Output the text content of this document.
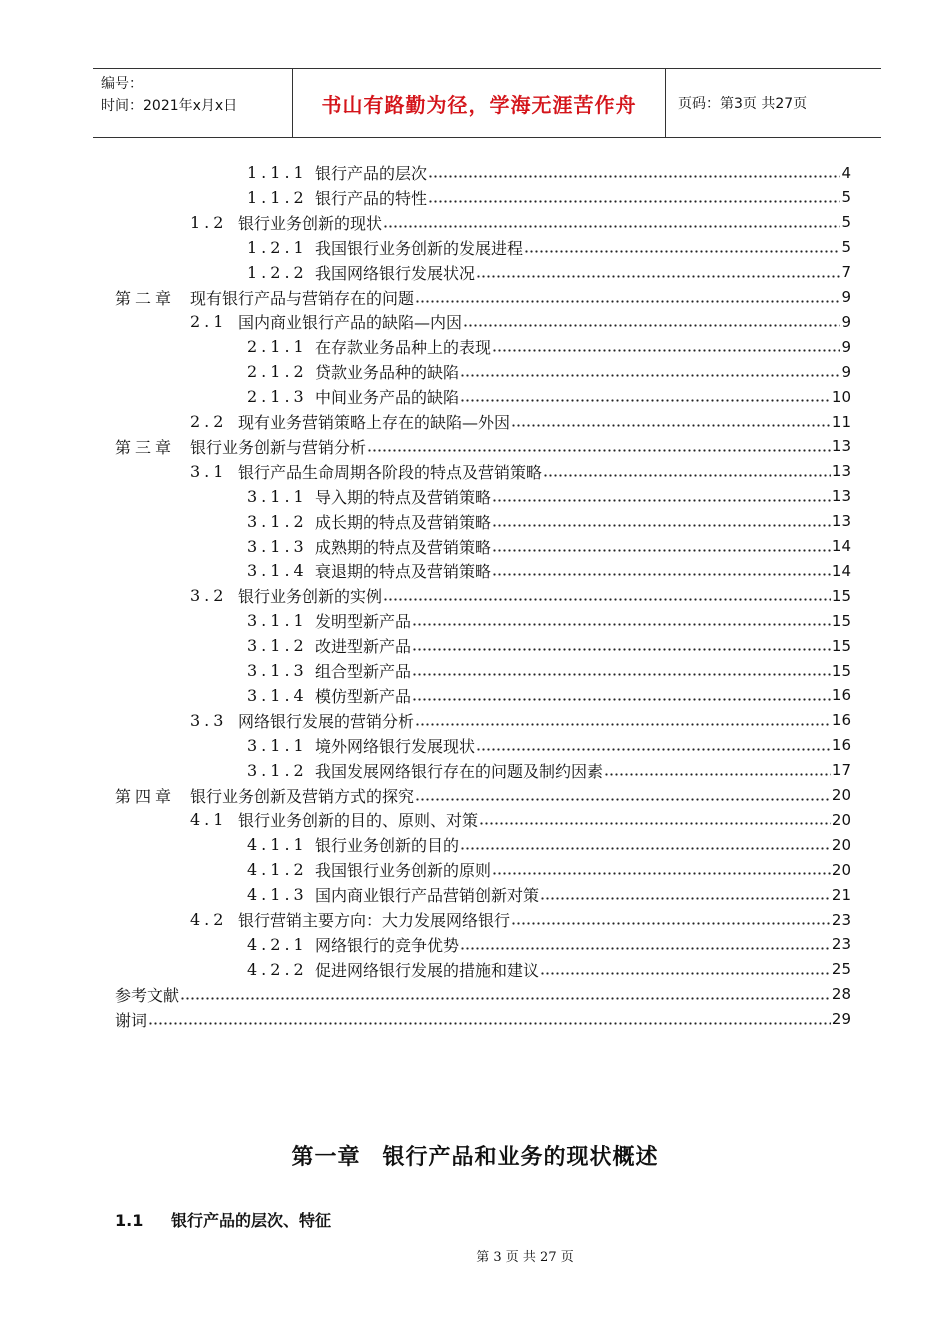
编号：
时间：2021年x月x日	书山有路勤为径，学海无涯苦作舟	页码：第3页 共27页
1.1.1 银行产品的层次	4
1.1.2 银行产品的特性	5
1.2 银行业务创新的现状	5
1.2.1 我国银行业务创新的发展进程	5
1.2.2 我国网络银行发展状况	7
第二章 现有银行产品与营销存在的问题	9
2.1 国内商业银行产品的缺陷—内因	9
2.1.1 在存款业务品种上的表现	9
2.1.2 贷款业务品种的缺陷	9
2.1.3 中间业务产品的缺陷	10
2.2 现有业务营销策略上存在的缺陷—外因	11
第三章 银行业务创新与营销分析	13
3.1 银行产品生命周期各阶段的特点及营销策略	13
3.1.1 导入期的特点及营销策略	13
3.1.2 成长期的特点及营销策略	13
3.1.3 成熟期的特点及营销策略	14
3.1.4 衰退期的特点及营销策略	14
3.2 银行业务创新的实例	15
3.1.1 发明型新产品	15
3.1.2 改进型新产品	15
3.1.3 组合型新产品	15
3.1.4 模仿型新产品	16
3.3 网络银行发展的营销分析	16
3.1.1 境外网络银行发展现状	16
3.1.2 我国发展网络银行存在的问题及制约因素	17
第四章 银行业务创新及营销方式的探究	20
4.1 银行业务创新的目的、原则、对策	20
4.1.1 银行业务创新的目的	20
4.1.2 我国银行业务创新的原则	20
4.1.3 国内商业银行产品营销创新对策	21
4.2 银行营销主要方向：大力发展网络银行	23
4.2.1 网络银行的竞争优势	23
4.2.2 促进网络银行发展的措施和建议	25
参考文献	28
谢词	29
第一章 银行产品和业务的现状概述
1.1 银行产品的层次、特征
第 3 页 共 27 页
